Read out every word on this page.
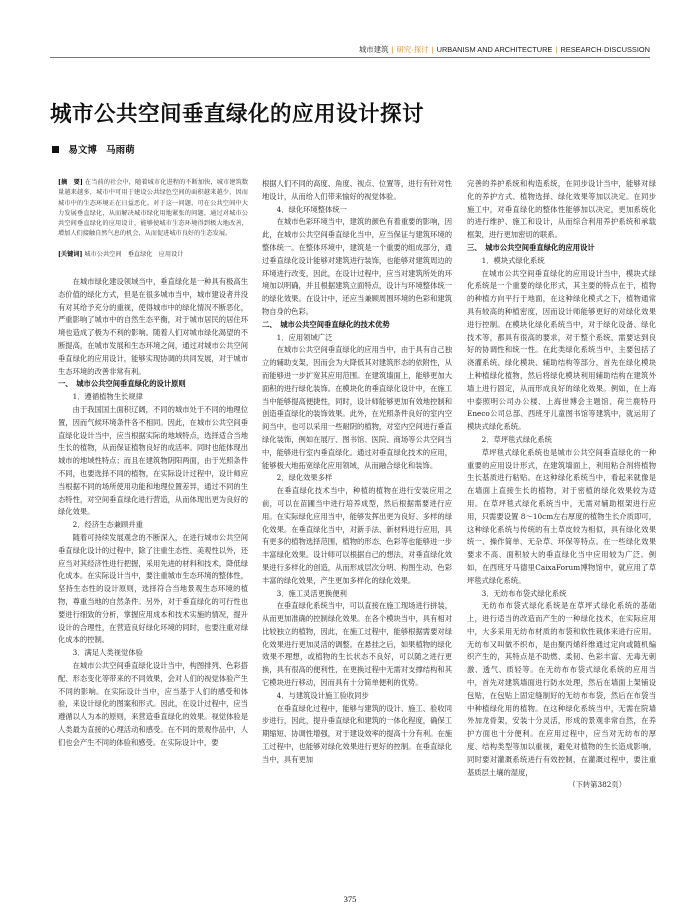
城市建筑 | 研究·探讨 | URBANISM AND ARCHITECTURE | RESEARCH·DISCUSSION
城市公共空间垂直绿化的应用设计探讨
易文博 马雨萌
[摘　要] 在当前的社会中，随着城市化进程的不断加快，城市建筑数量越来越多，城市中可用于建设公共绿色空间的面积越来越少，因而城市中的生态环境正在日益恶化。对于这一问题，可在公共空间中大力发展垂直绿化，从而解决城市绿化用地紧张的问题。通过对城市公共空间垂直绿化的应用设计，能够使城市生态环境得到极大地改善，增加人们接触自然气息的机会，从而促进城市良好的生态发展。
[关键词] 城市公共空间　垂直绿化　应用设计
在城市绿化建设领域当中，垂直绿化是一种具有极高生态价值的绿化方式，但是在很多城市当中，城市建设者并没有对其给予充分的重视，使得城市中的绿化情况不断恶化，严重影响了城市中的自然生态平衡，对于城市居民的居住环境也造成了极为不利的影响。随着人们对城市绿化渴望的不断提高，在城市发展和生态环境之间，通过对城市公共空间垂直绿化的应用设计，能够实现协调的共同发展，对于城市生态环境的改善非常有利。
一、　城市公共空间垂直绿化的设计原则
1．遵循植物生长规律
由于我国国土面积辽阔，不同的城市处于不同的地理位置，因而气候环境条件各不相同。因此，在城市公共空间垂直绿化设计当中，应当根据实际的地域特点，选择适合当地生长的植物，从而保证植物良好的成活率。同时也能体现出城市的地域性特点；而且在建筑物阴阳两面，由于光照条件不同，也要选择不同的植物，在实际设计过程中，设计师应当根据不同的场所使用功能和地理位置差异，通过不同的生态特性，对空间垂直绿化进行营造，从而体现出更为良好的绿化效果。
2．经济生态兼顾并重
随着可持续发展观念的不断深入，在进行城市公共空间垂直绿化设计的过程中，除了注重生态性、美观性以外，还应当对其经济性进行把握，采用先进的材料和技术，降低绿化成本。在实际设计当中，要注重城市生态环境的整体性，坚持生态性的设计原则，选择符合当地景观生态环境的植物，尊重当地的自然条件。另外，对于垂直绿化的可行性也要进行细致的分析，掌握应用成本和技术实施的情况，提升设计的合理性，在营造良好绿化环境的同时，也要注重对绿化成本的控制。
3．满足人类视觉体验
在城市公共空间垂直绿化设计当中，构图排列、色彩搭配、形态变化等带来的不同效果，会对人们的视觉体验产生不同的影响。在实际设计当中，应当基于人们的感受和体验，来设计绿化的图案和形式。因此，在设计过程中，应当遵循以人为本的原则，来营造垂直绿化的效果。视觉体验是人类最为直接的心理活动和感受。在不同的景观作品中，人们也会产生不同的体验和感受。在实际设计中，要
根据人们不同的高度、角度、视点、位置等，进行有针对性地设计，从而给人们带来愉好的视觉体验。
4．绿化环境整体统一
在城市色彩环境当中，建筑的颜色有着重要的影响，因此，在城市公共空间垂直绿化当中，应当保证与建筑环境的整体统一。在整体环境中，建筑是一个重要的组成部分，通过垂直绿化设计能够对建筑进行装饰，也能够对建筑周边的环境进行改变，因此，在设计过程中，应当对建筑所处的环境加以明确，并且根据建筑立面特点，设计与环境整体统一的绿化效果。在设计中，还应当兼顾周围环境的色彩和建筑物自身的色彩。
二、　城市公共空间垂直绿化的技术优势
1．应用领域广泛
在城市公共空间垂直绿化的应用当中，由于具有自己独立的辅助支架，因而会为大降低其对建筑形态的依附性，从而能够进一步扩宽其应用范围。在建筑墙面上，能够更加大面积的进行绿化装饰。在模块化的垂直绿化设计中，在施工当中能够提高便捷性，同时，设计师能够更加有效地控制和创造垂直绿化的装饰效果。此外，在光照条件良好的室内空间当中，也可以采用一些耐阴的植物，对室内空间进行垂直绿化装饰，例如在展厅、图书馆、医院、商场等公共空间当中，能够进行室内垂直绿化。通过对垂直绿化技术的应用，能够极大地拓宽绿化应用领域，从而融合绿化和装饰。
2．绿化效果多样
在垂直绿化技术当中，种植的植物在进行安装应用之前，可以在苗圃当中进行培养成型，然后根据需要进行应用。在实际绿化应用当中，能够发挥出更为良好、多样的绿化效果。在垂直绿化当中，对新手法、新材料进行应用，具有更多的植物选择范围，植物的形态、色彩等也能够进一步丰富绿化效果。设计师可以根据自己的想法，对垂直绿化效果进行多样化的创造，从而形成层次分明、构图生动、色彩丰富的绿化效果，产生更加多样化的绿化效果。
3．施工灵活更换便利
在垂直绿化系统当中，可以直接在施工现场进行拼装，从而更加准确的控制绿化效果。在各个模块当中，具有相对比较独立的植物，因此，在施工过程中，能够根据需要对绿化效果进行更加灵活的调整。在悬挂之后，如果植物的绿化效果不理想，或植物的生长状态不良好，可以随之进行更换，具有很高的便利性，在更换过程中无需对支撑结构和其它模块进行移动，因而具有十分简单便利的优势。
4．与建筑设计施工验收同步
在垂直绿化过程中，能够与建筑的设计、施工、验收同步进行，因此，提升垂直绿化和建筑的一体化程度，确保工期缩短、协调性增强，对于建设效率的提高十分有利。在施工过程中，也能够对绿化效果进行更好的控制。在垂直绿化当中，具有更加
完善的养护系统和构造系统，在同步设计当中，能够对绿化的养护方式、植物选择、绿化效果等加以决定。在同步施工中，对垂直绿化的整体性能够加以决定，更加系统化的进行维护、施工和设计，从而综合利用养护系统和承载框架，进行更加密切的联系。
三、　城市公共空间垂直绿化的应用设计
1．模块式绿化系统
在城市公共空间垂直绿化的应用设计当中，模块式绿化系统是一个重要的绿化形式，其主要的特点在于，植物的种植方向平行于地面，在这种绿化模式之下，植物通常具有较高的种植密度，因而设计师能够更好的对绿化效果进行控制。在模块化绿化系统当中，对于绿化设备、绿化技术等，都具有很高的要求，对于整个系统，需要达到良好的协调性和统一性。在此类绿化系统当中，主要包括了浇灌系统、绿化模块、辅助结构等部分，首先在绿化模块上种植绿化植物，然后将绿化模块利用辅助结构在建筑外墙上进行固定，从而形成良好的绿化效果。例如，在上海中泰照明公司办公楼、上海世博会主题馆、荷兰鹿特丹Eneco公司总部、西班牙儿童图书馆等建筑中，就运用了模块式绿化系统。
2．草坪毯式绿化系统
草坪毯式绿化系统也是城市公共空间垂直绿化的一种重要的应用设计形式，在建筑墙面上，利用粘合剂将植物生长基质进行粘贴。在这种绿化系统当中，看起来就像是在墙面上直接生长的植物，对于密植的绿化效果较为适用。在草坪毯式绿化系统当中，无需对辅助框架进行应用，只需要设置 8～10cm左右厚度的植物生长介质即可，这种绿化系统与传统的有土草皮较为相似，具有绿化效果统一、操作简单、无杂草、环保等特点。在一些绿化效果要求不高、面积较大的垂直绿化当中应用较为广泛。例如，在西班牙马德里CaixaForum博物馆中，就应用了草坪毯式绿化系统。
3．无纺布布袋式绿化系统
无纺布布袋式绿化系统是在草坪式绿化系统的基础上，进行适当的改造而产生的一种绿化技术，在实际应用中，大多采用无纺布材质的布袋和软性栽体来进行应用。无纺布又叫做不织布，是由聚丙烯纤维通过定向或随机编织产生的，其特点是不助燃、柔韧、色彩丰富、无毒无刺激、透气、质轻等。在无纺布布袋式绿化系统的应用当中，首先对建筑墙面进行防水处理，然后在墙面上架铺设包贴，在包贴上固定缝制好的无纺布布袋，然后在布袋当中种植绿化用的植物。在这种绿化系统当中，无需在院墙外加龙骨架，安装十分灵活，形成的景观非常自然，在养护方面也十分便利。在应用过程中，应当对无纺布的厚度、结构类型等加以重视，避免对植物的生长造成影响，同时要对灌溉系统进行有效控制，在灌溉过程中，要注重基质层土壤的湿度，
（下转第382页）
375
